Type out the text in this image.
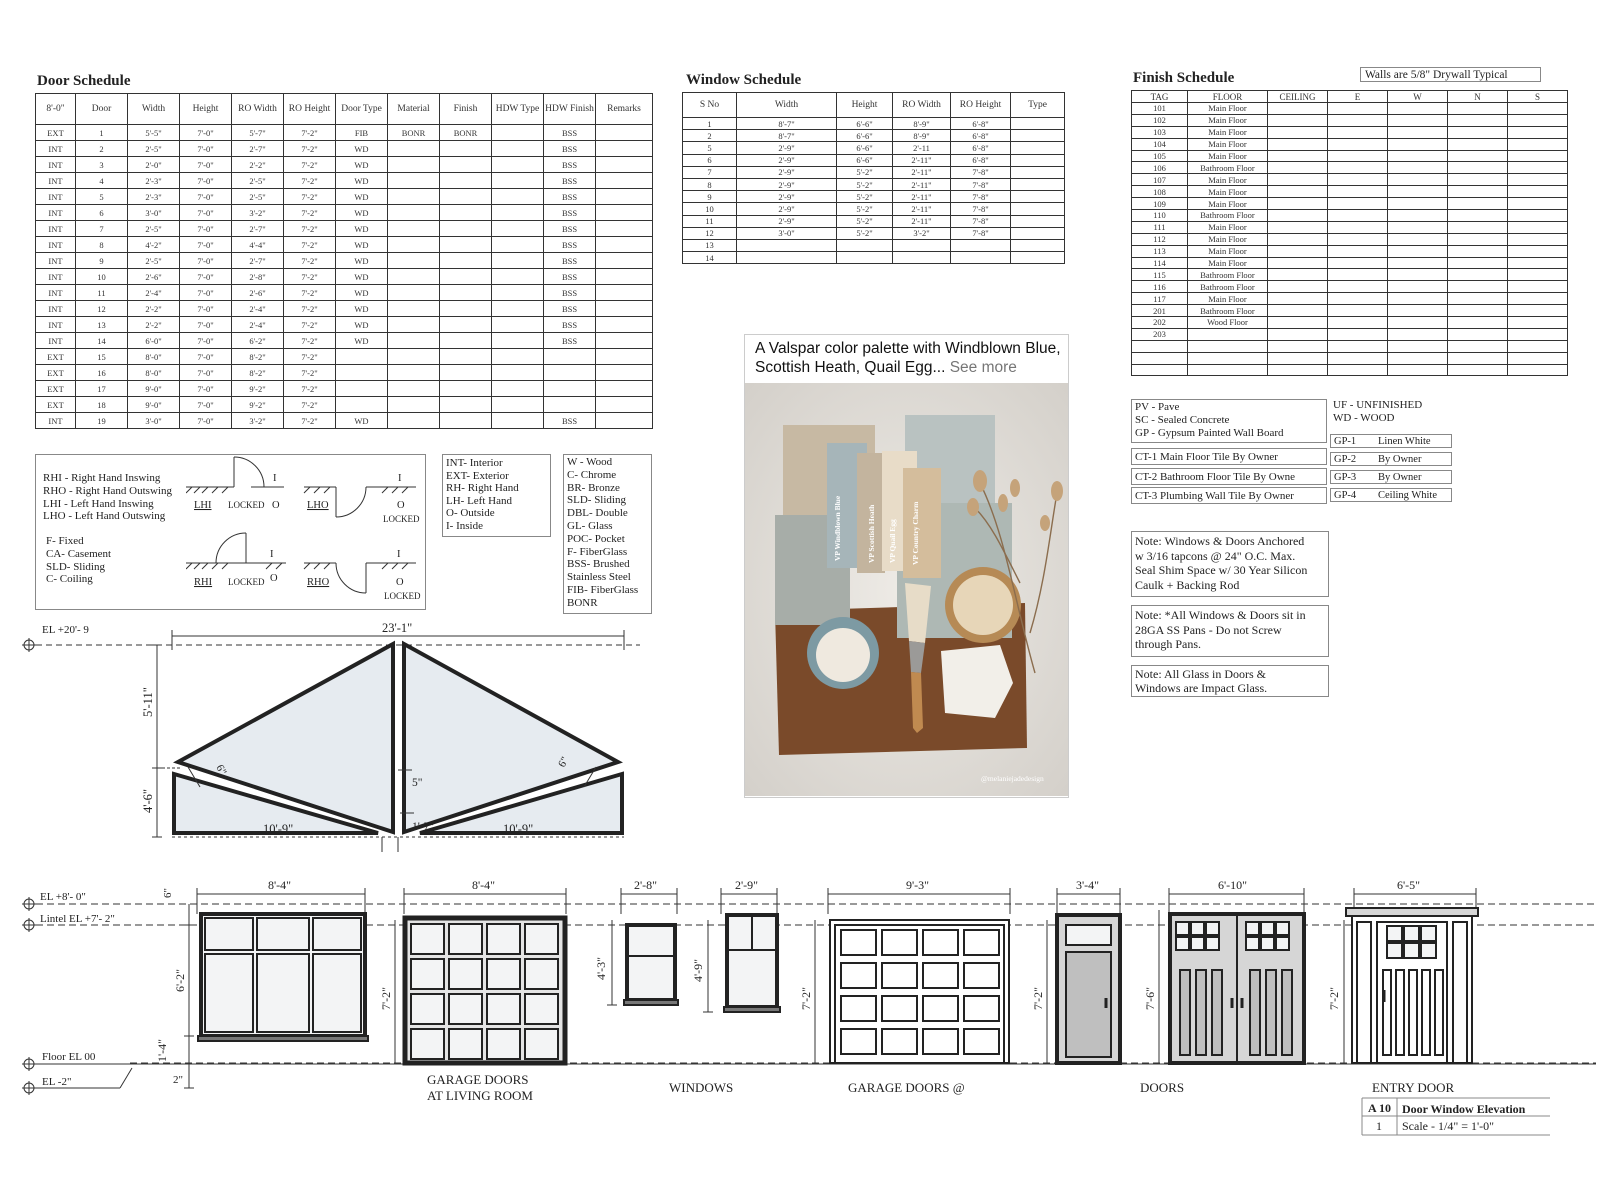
Door Schedule
8'-0"	Door	Width	Height	RO Width	RO Height	Door Type	Material	Finish	HDW Type	HDW Finish	Remarks
EXT	1	5'-5"	7'-0"	5'-7"	7'-2"	FIB	BONR	BONR		BSS	
INT	2	2'-5"	7'-0"	2'-7"	7'-2"	WD				BSS	
INT	3	2'-0"	7'-0"	2'-2"	7'-2"	WD				BSS	
INT	4	2'-3"	7'-0"	2'-5"	7'-2"	WD				BSS	
INT	5	2'-3"	7'-0"	2'-5"	7'-2"	WD				BSS	
INT	6	3'-0"	7'-0"	3'-2"	7'-2"	WD				BSS	
INT	7	2'-5"	7'-0"	2'-7"	7'-2"	WD				BSS	
INT	8	4'-2"	7'-0"	4'-4"	7'-2"	WD				BSS	
INT	9	2'-5"	7'-0"	2'-7"	7'-2"	WD				BSS	
INT	10	2'-6"	7'-0"	2'-8"	7'-2"	WD				BSS	
INT	11	2'-4"	7'-0"	2'-6"	7'-2"	WD				BSS	
INT	12	2'-2"	7'-0"	2'-4"	7'-2"	WD				BSS	
INT	13	2'-2"	7'-0"	2'-4"	7'-2"	WD				BSS	
INT	14	6'-0"	7'-0"	6'-2"	7'-2"	WD				BSS	
EXT	15	8'-0"	7'-0"	8'-2"	7'-2"						
EXT	16	8'-0"	7'-0"	8'-2"	7'-2"						
EXT	17	9'-0"	7'-0"	9'-2"	7'-2"						
EXT	18	9'-0"	7'-0"	9'-2"	7'-2"						
INT	19	3'-0"	7'-0"	3'-2"	7'-2"	WD				BSS	
Window Schedule
S No	Width	Height	RO Width	RO Height	Type
1	8'-7"	6'-6"	8'-9"	6'-8"	
2	8'-7"	6'-6"	8'-9"	6'-8"	
5	2'-9"	6'-6"	2'-11	6'-8"	
6	2'-9"	6'-6"	2'-11"	6'-8"	
7	2'-9"	5'-2"	2'-11"	7'-8"	
8	2'-9"	5'-2"	2'-11"	7'-8"	
9	2'-9"	5'-2"	2'-11"	7'-8"	
10	2'-9"	5'-2"	2'-11"	7'-8"	
11	2'-9"	5'-2"	2'-11"	7'-8"	
12	3'-0"	5'-2"	3'-2"	7'-8"	
13					
14					
Finish Schedule	Walls are 5/8" Drywall Typical
TAG	FLOOR	CEILING	E	W	N	S
101	Main Floor					
102	Main Floor					
103	Main Floor					
104	Main Floor					
105	Main Floor					
106	Bathroom Floor					
107	Main Floor					
108	Main Floor					
109	Main Floor					
110	Bathroom Floor					
111	Main Floor					
112	Main Floor					
113	Main Floor					
114	Main Floor					
115	Bathroom Floor					
116	Bathroom Floor					
117	Main Floor					
201	Bathroom Floor					
202	Wood Floor					
203						

RHI - Right Hand Inswing
RHO - Right Hand Outswing
LHI - Left Hand Inswing
LHO - Left Hand Outswing
F- Fixed
CA- Casement
SLD- Sliding
C- Coiling
LHI LOCKED O
I
LHO	O
I
LOCKED
RHI LOCKED O
I
RHO	O
I
LOCKED
INT- Interior
EXT- Exterior
RH- Right Hand
LH- Left Hand
O- Outside
I- Inside
W - Wood
C- Chrome
BR- Bronze
SLD- Sliding
DBL- Double
GL- Glass
POC- Pocket
F- FiberGlass
BSS- Brushed
Stainless Steel
FIB- FiberGlass
BONR
PV - Pave
SC - Sealed Concrete
GP - Gypsum Painted Wall Board
CT-1 Main Floor Tile By Owner
CT-2 Bathroom Floor Tile By Owne
CT-3 Plumbing Wall Tile By Owner
UF - UNFINISHED
WD - WOOD
GP-1 Linen White
GP-2 By Owner
GP-3 By Owner
GP-4 Ceiling White
Note: Windows & Doors Anchored
w 3/16 tapcons @ 24" O.C. Max.
Seal Shim Space w/ 30 Year Silicon
Caulk + Backing Rod
Note: *All Windows & Doors sit in
28GA SS Pans - Do not Screw
through Pans.
Note: All Glass in Doors &
Windows are Impact Glass.
A Valspar color palette with Windblown Blue, Scottish Heath, Quail Egg... See more
VP Windblown Blue	VP Scottish Heath VP Quail Egg VP Country Charm
@melaniejadedesign
EL +20'- 9	23'-1"
5'-11"
4'-6"
10'-9"	10'-9"
6"
6"
5"
1'-7"
EL +8'- 0"
Lintel EL +7'- 2"
Floor EL 00
EL -2"
6"
8'-4"	8'-4"	2'-8"	2'-9"	9'-3"	3'-4"	6'-10"	6'-5"
6'-2"
1'-4"
2"
7'-2"
4'-3"	4'-9"
7'-2"	7'-2"	7'-6"	7'-2"
GARAGE DOORS
AT LIVING ROOM
WINDOWS	GARAGE DOORS @	DOORS	ENTRY DOOR
A 10 Door Window Elevation
1 Scale - 1/4" = 1'-0"
